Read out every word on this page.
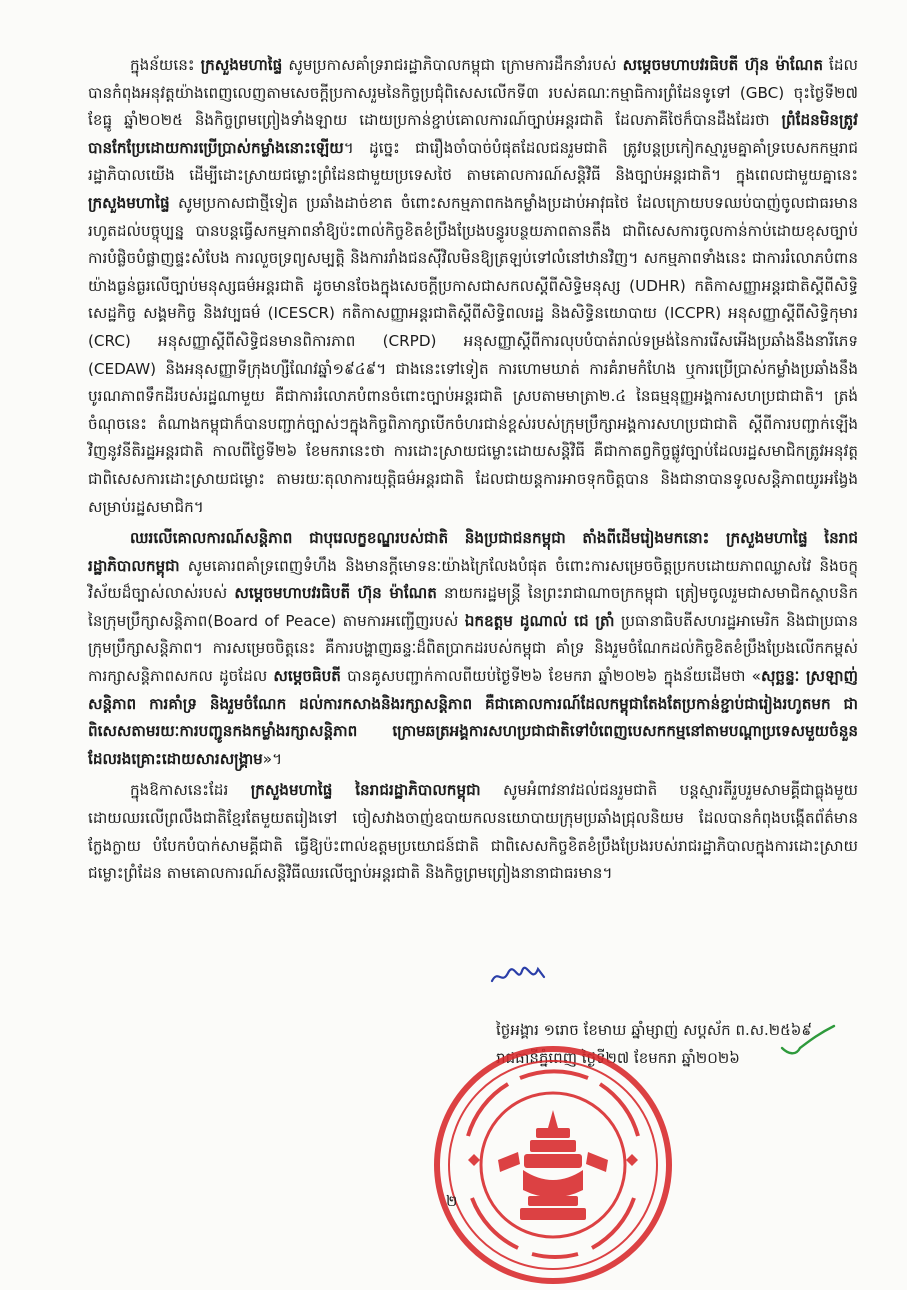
ក្នុងន័យនេះ ក្រសួងមហាផ្ទៃ សូមប្រកាសគាំទ្ររាជរដ្ឋាភិបាលកម្ពុជា ក្រោមការដឹកនាំរបស់ សម្តេចមហាបវរធិបតី ហ៊ុន ម៉ាណែត ដែលបានកំពុងអនុវត្តយ៉ាងពេញលេញតាមសេចក្តីប្រកាសរួមនៃកិច្ចប្រជុំពិសេសលើកទី៣ របស់គណៈកម្មាធិការព្រំដែនទូទៅ (GBC) ចុះថ្ងៃទី២៧ ខែធ្នូ ឆ្នាំ២០២៥ និងកិច្ចព្រមព្រៀងទាំងឡាយ ដោយប្រកាន់ខ្ជាប់គោលការណ៍ច្បាប់អន្តរជាតិ ដែលភាគីថៃក៏បានដឹងដែរថា ព្រំដែនមិនត្រូវបានកែប្រែដោយការប្រើប្រាស់កម្លាំងនោះឡើយ។ ដូច្នេះ ជារឿងចាំបាច់បំផុតដែលជនរួមជាតិ ត្រូវបន្តប្រកៀកស្មារួមគ្នាគាំទ្របេសកកម្មរាជរដ្ឋាភិបាលយើង ដើម្បីដោះស្រាយជម្លោះព្រំដែនជាមួយប្រទេសថៃ តាមគោលការណ៍សន្តិវិធី និងច្បាប់អន្តរជាតិ។ ក្នុងពេលជាមួយគ្នានេះ ក្រសួងមហាផ្ទៃ សូមប្រកាសជាថ្មីទៀត ប្រឆាំងដាច់ខាត ចំពោះសកម្មភាពកងកម្លាំងប្រដាប់អាវុធថៃ ដែលក្រោយបទឈប់បាញ់ចូលជាធរមានរហូតដល់បច្ចុប្បន្ន បានបន្តធ្វើសកម្មភាពនាំឱ្យប៉ះពាល់កិច្ចខិតខំប្រឹងប្រែងបន្ធូរបន្ថយភាពតានតឹង ជាពិសេសការចូលកាន់កាប់ដោយខុសច្បាប់ ការបំផ្លិចបំផ្លាញផ្ទះសំបែង ការលួចទ្រព្យសម្បត្តិ និងការរាំងជនស៊ីវិលមិនឱ្យត្រឡប់ទៅលំនៅឋានវិញ។ សកម្មភាពទាំងនេះ ជាការរំលោភបំពានយ៉ាងធ្ងន់ធ្ងរលើច្បាប់មនុស្សធម៌អន្តរជាតិ ដូចមានចែងក្នុងសេចក្តីប្រកាសជាសកលស្តីពីសិទ្ធិមនុស្ស (UDHR) កតិកាសញ្ញាអន្តរជាតិស្តីពីសិទ្ធិសេដ្ឋកិច្ច សង្គមកិច្ច និងវប្បធម៌ (ICESCR) កតិកាសញ្ញាអន្តរជាតិស្តីពីសិទ្ធិពលរដ្ឋ និងសិទ្ធិនយោបាយ (ICCPR) អនុសញ្ញាស្តីពីសិទ្ធិកុមារ (CRC) អនុសញ្ញាស្តីពីសិទ្ធិជនមានពិការភាព (CRPD) អនុសញ្ញាស្តីពីការលុបបំបាត់រាល់ទម្រង់នៃការរើសអើងប្រឆាំងនឹងនារីភេទ (CEDAW) និងអនុសញ្ញាទីក្រុងហ្សឺណែវឆ្នាំ១៩៤៩។ ជាងនេះទៅទៀត ការហោមឃាត់ ការគំរាមកំហែង ឬការប្រើប្រាស់កម្លាំងប្រឆាំងនឹងបូរណភាពទឹកដីរបស់រដ្ឋណាមួយ គឺជាការរំលោភបំពានចំពោះច្បាប់អន្តរជាតិ ស្របតាមមាត្រា២.៤ នៃធម្មនុញ្ញអង្គការសហប្រជាជាតិ។ ត្រង់ចំណុចនេះ តំណាងកម្ពុជាក៏បានបញ្ជាក់ច្បាស់ៗក្នុងកិច្ចពិភាក្សាបើកចំហរជាន់ខ្ពស់របស់ក្រុមប្រឹក្សាអង្គការសហប្រជាជាតិ ស្តីពីការបញ្ជាក់ឡើងវិញនូវនីតិរដ្ឋអន្តរជាតិ កាលពីថ្ងៃទី២៦ ខែមករានេះថា ការដោះស្រាយជម្លោះដោយសន្តិវិធី គឺជាកាតព្វកិច្ចផ្លូវច្បាប់ដែលរដ្ឋសមាជិកត្រូវអនុវត្ត ជាពិសេសការដោះស្រាយជម្លោះ តាមរយៈតុលាការយុត្តិធម៌អន្តរជាតិ ដែលជាយន្តការអាចទុកចិត្តបាន និងជានាបានទូលសន្តិភាពយូរអង្វែងសម្រាប់រដ្ឋសមាជិក។

ឈរលើគោលការណ៍សន្តិភាព ជាបុរេលក្ខខណ្ឌរបស់ជាតិ និងប្រជាជនកម្ពុជា តាំងពីដើមរៀងមកនោះ ក្រសួងមហាផ្ទៃ នៃរាជរដ្ឋាភិបាលកម្ពុជា សូមគោរពគាំទ្រពេញទំហឹង និងមានក្តីមោទនៈយ៉ាងក្រៃលែងបំផុត ចំពោះការសម្រេចចិត្តប្រកបដោយភាពឈ្លាសវៃ និងចក្ខុវិស័យដ៏ច្បាស់លាស់របស់ សម្តេចមហាបវរធិបតី ហ៊ុន ម៉ាណែត នាយករដ្ឋមន្ត្រី នៃព្រះរាជាណាចក្រកម្ពុជា ត្រៀមចូលរួមជាសមាជិកស្ថាបនិក នៃក្រុមប្រឹក្សាសន្តិភាព(Board of Peace) តាមការអញ្ជើញរបស់ ឯកឧត្តម ដូណាល់ ជេ ត្រាំ ប្រធានាធិបតីសហរដ្ឋអាមេរិក និងជាប្រធានក្រុមប្រឹក្សាសន្តិភាព។ ការសម្រេចចិត្តនេះ គឺការបង្ហាញឆន្ទៈដ៏ពិតប្រាកដរបស់កម្ពុជា គាំទ្រ និងរួមចំណែកដល់កិច្ចខិតខំប្រឹងប្រែងលើកកម្ពស់ការក្សាសន្តិភាពសកល ដូចដែល សម្តេចធិបតី បានគូសបញ្ជាក់កាលពីយប់ថ្ងៃទី២៦ ខែមករា ឆ្នាំ២០២៦ ក្នុងន័យដើមថា «សុច្ឆន្ទៈ ស្រឡាញ់សន្តិភាព ការគាំទ្រ និងរួមចំណែក ដល់ការកសាងនិងរក្សាសន្តិភាព គឺជាគោលការណ៍ដែលកម្ពុជាតែងតែប្រកាន់ខ្ជាប់ជារៀងរហូតមក ជាពិសេសតាមរយៈការបញ្ជូនកងកម្លាំងរក្សាសន្តិភាព ក្រោមឆត្រអង្គការសហប្រជាជាតិទៅបំពេញបេសកកម្មនៅតាមបណ្តាប្រទេសមួយចំនួនដែលរងគ្រោះដោយសារសង្គ្រាម»។

ក្នុងឱកាសនេះដែរ ក្រសួងមហាផ្ទៃ នៃរាជរដ្ឋាភិបាលកម្ពុជា សូមអំពាវនាវដល់ជនរួមជាតិ បន្តស្មារតីរួបរួមសាមគ្គីជាធ្លុងមួយ ដោយឈរលើព្រលឹងជាតិខ្មែរតែមួយតរៀងទៅ ចៀសវាងចាញ់ឧបាយកលនយោបាយក្រុមប្រឆាំងជ្រុលនិយម ដែលបានកំពុងបង្កើតព័ត៌មានក្លែងក្លាយ បំបែកបំបាក់សាមគ្គីជាតិ ធ្វើឱ្យប៉ះពាល់ឧត្តមប្រយោជន៍ជាតិ ជាពិសេសកិច្ចខិតខំប្រឹងប្រែងរបស់រាជរដ្ឋាភិបាលក្នុងការដោះស្រាយជម្លោះព្រំដែន តាមគោលការណ៍សន្តិវិធីឈរលើច្បាប់អន្តរជាតិ និងកិច្ចព្រមព្រៀងនានាជាធរមាន។

ថ្ងៃអង្គារ ១រោច ខែមាឃ ឆ្នាំម្សាញ់ សប្តស័ក ព.ស.២៥៦៩
រាជធានីភ្នំពេញ ថ្ងៃទី២៧ ខែមករា ឆ្នាំ២០២៦
២
